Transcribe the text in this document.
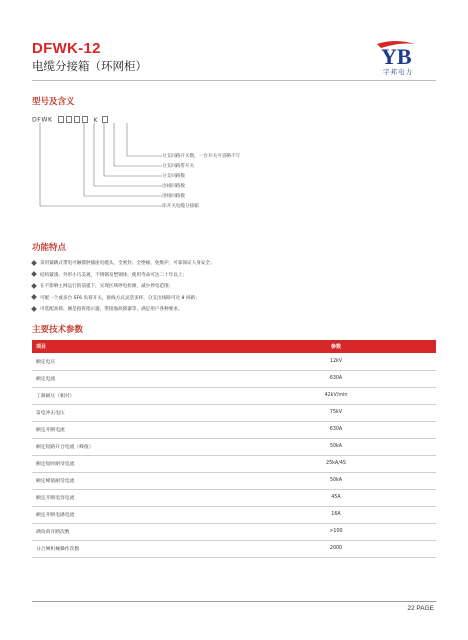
DFWK-12
电缆分接箱（环网柜）	YB
宇邦电力
型号及含义
DFWK	K
分支回路开关数，一台开关可省略不写
分支回路带开关
分支回路数
出线回路数
进线回路数
环开关电缆分接箱
功能特点
采用紧耦式带电可触摸肘插座电缆头，全密封、全绝缘、免维护，可靠保证人身安全；
结构紧凑、外形小巧美观，不锈钢及塑钢体，使用寿命可达二十年以上；
在不影响主网运行的前提下，实现区域停电检修，减少停电范围；
可配一个或多台 SF6 负荷开关，接线方式灵活多样，分支出线路可达 8 回路；
可选配高锁、刚是指挥指示器，带接地故障器等，满足用户各种要求。
主要技术参数
项目	参数
额定电压	12kV
额定电流	630A
工频耐压（相对）	42kV/min
雷电冲击电压	75kV
额定开断电流	630A
额定短路开合电流（峰值）	50kA
额定短时耐受电流	25kA/4S
额定峰值耐受电流	50kA
额定开断电容电流	45A
额定开断电感电流	16A
满负荷开断次数	>100
分合闸机械操作次数	2000
22 PAGE
